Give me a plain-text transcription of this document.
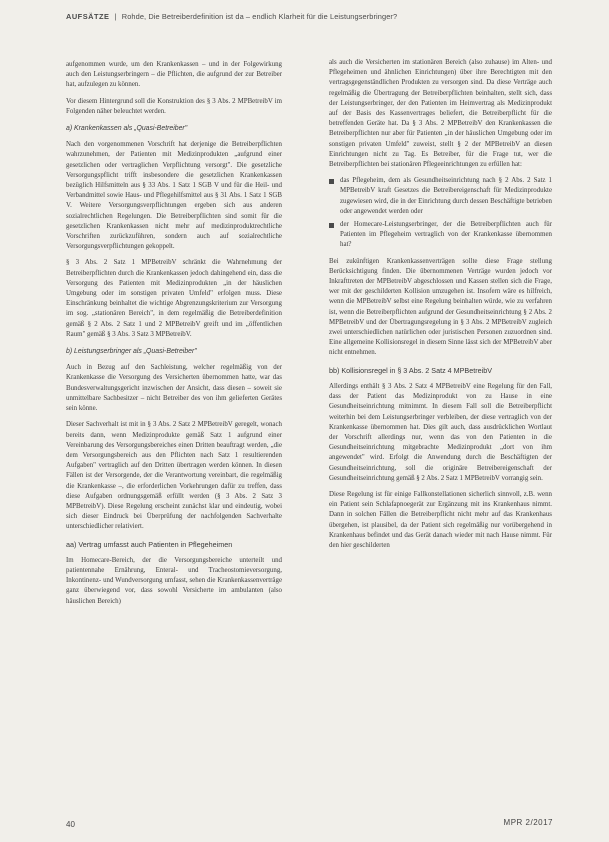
AUFSÄTZE | Rohde, Die Betreiberdefinition ist da – endlich Klarheit für die Leistungserbringer?

aufgenommen wurde, um den Krankenkassen – und in der Folgewirkung auch den Leistungserbringern – die Pflichten, die aufgrund der zur Betreiber hat, aufzulegen zu können.

Vor diesem Hintergrund soll die Konstruktion des § 3 Abs. 2 MPBetreibV im Folgenden näher beleuchtet werden.

a) Krankenkassen als „Quasi-Betreiber"

Nach den vorgenommenen Vorschrift hat derjenige die Betreiberpflichten wahrzunehmen, der Patienten mit Medizinprodukten „aufgrund einer gesetzlichen oder vertraglichen Verpflichtung versorgt". Die gesetzliche Versorgungspflicht trifft insbesondere die gesetzlichen Krankenkassen bezüglich Hilfsmitteln aus § 33 Abs. 1 Satz 1 SGB V und für die Heil- und Verbandmittel sowie Haus- und Pflegehilfsmittel aus § 31 Abs. 1 Satz 1 SGB V. Weitere Versorgungsverpflichtungen ergeben sich aus anderen sozialrechtlichen Regelungen. Die Betreiberpflichten sind somit für die gesetzlichen Krankenkassen nicht mehr auf medizinproduktrechtliche Vorschriften zurückzuführen, sondern auch auf sozialrechtliche Versorgungsverpflichtungen gekoppelt.

§ 3 Abs. 2 Satz 1 MPBetreibV schränkt die Wahrnehmung der Betreiberpflichten durch die Krankenkassen jedoch dahingehend ein, dass die Versorgung des Patienten mit Medizinprodukten „in der häuslichen Umgebung oder im sonstigen privaten Umfeld" erfolgen muss. Diese Einschränkung beinhaltet die wichtige Abgrenzungskriterium zur Versorgung im sog. „stationären Bereich", in dem regelmäßig die Betreiberdefinition gemäß § 2 Abs. 2 Satz 1 und 2 MPBetreibV greift und im „öffentlichen Raum" gemäß § 3 Abs. 3 Satz 3 MPBetreibV.

b) Leistungserbringer als „Quasi-Betreiber"

Auch in Bezug auf den Sachleistung, welcher regelmäßig von der Krankenkasse die Versorgung des Versicherten übernommen hatte, war das Bundesverwaltungsgericht inzwischen der Ansicht, dass diesen – soweit sie unmittelbare Sachbesitzer – nicht Betreiber des von ihm gelieferten Gerätes sein könne.

Dieser Sachverhalt ist mit in § 3 Abs. 2 Satz 2 MPBetreibV geregelt, wonach bereits dann, wenn Medizinprodukte gemäß Satz 1 aufgrund einer Vereinbarung des Versorgungsbereiches einen Dritten beauftragt werden, „die dem Versorgungsbereich aus den Pflichten nach Satz 1 resultierenden Aufgaben" vertraglich auf den Dritten übertragen werden können. In diesen Fällen ist der Versorgende, der die Verantwortung vereinbart, die regelmäßig die Krankenkasse –, die erforderlichen Vorkehrungen dafür zu treffen, dass diese Aufgaben ordnungsgemäß erfüllt werden (§ 3 Abs. 2 Satz 3 MPBetreibV). Diese Regelung erscheint zunächst klar und eindeutig, wobei sich dieser Eindruck bei Überprüfung der nachfolgenden Sachverhalte unterschiedlicher relativiert.

aa) Vertrag umfasst auch Patienten in Pflegeheimen

Im Homecare-Bereich, der die Versorgungsbereiche unterteilt und patientennahe Ernährung, Enteral- und Tracheostomieversorgung, Inkontinenz- und Wundversorgung umfasst, sehen die Krankenkassenverträge ganz überwiegend vor, dass sowohl Versicherte im ambulanten (also häuslichen Bereich)

als auch die Versicherten im stationären Bereich (also zuhause) im Alten- und Pflegeheimen und ähnlichen Einrichtungen) über ihre Berechtigten mit den vertragsgegenständlichen Produkten zu versorgen sind. Da diese Verträge auch regelmäßig die Übertragung der Betreiberpflichten beinhalten, stellt sich, dass der Leistungserbringer, der den Patienten im Heimvertrag als Medizinprodukt auf der Basis des Kassenvertrages beliefert, die Betreiberpflicht für die betreffenden Geräte hat. Da § 3 Abs. 2 MPBetreibV den Krankenkassen die Betreiberpflichten nur aber für Patienten „in der häuslichen Umgebung oder im sonstigen privaten Umfeld" zuweist, stellt § 2 der MPBetreibV an diesen Einrichtungen nicht zu Tag. Es Betreiber, für die Frage tut, wer die Betreiberpflichten bei stationären Pflegeeinrichtungen zu erfüllen hat:

das Pflegeheim, dem als Gesundheitseinrichtung nach § 2 Abs. 2 Satz 1 MPBetreibV kraft Gesetzes die Betreibereigenschaft für Medizinprodukte zugewiesen wird, die in der Einrichtung durch dessen Beschäftigte betrieben oder angewendet werden oder
der Homecare-Leistungserbringer, der die Betreiberpflichten auch für Patienten im Pflegeheim vertraglich von der Krankenkasse übernommen hat?

Bei zukünftigen Krankenkassenverträgen sollte diese Frage stellung Berücksichtigung finden. Die übernommenen Verträge wurden jedoch vor Inkrafttreten der MPBetreibV abgeschlossen und Kassen stellen sich die Frage, wer mit der geschilderten Kollision umzugehen ist. Insofern wäre es hilfreich, wenn die MPBetreibV selbst eine Regelung beinhalten würde, wie zu verfahren ist, wenn die Betreiberpflichten aufgrund der Gesundheitseinrichtung § 2 Abs. 2 MPBetreibV und der Übertragungsregelung in § 3 Abs. 2 MPBetreibV zugleich zwei unterschiedlichen natürlichen oder juristischen Personen zuzuordnen sind. Eine allgemeine Kollisionsregel in diesem Sinne lässt sich der MPBetreibV aber nicht entnehmen.

bb) Kollisionsregel in § 3 Abs. 2 Satz 4 MPBetreibV

Allerdings enthält § 3 Abs. 2 Satz 4 MPBetreibV eine Regelung für den Fall, dass der Patient das Medizinprodukt von zu Hause in eine Gesundheitseinrichtung mitnimmt. In diesem Fall soll die Betreiberpflicht weiterhin bei dem Leistungserbringer verbleiben, der diese vertraglich von der Krankenkasse übernommen hat. Dies gilt auch, dass ausdrücklichen Wortlaut der Vorschrift allerdings nur, wenn das von den Patienten in die Gesundheitseinrichtung mitgebrachte Medizinprodukt „dort von ihm angewendet" wird. Erfolgt die Anwendung durch die Beschäftigten der Gesundheitseinrichtung, soll die originäre Betreibereigenschaft der Gesundheitseinrichtung gemäß § 2 Abs. 2 Satz 1 MPBetreibV vorrangig sein.

Diese Regelung ist für einige Fallkonstellationen sicherlich sinnvoll, z.B. wenn ein Patient sein Schlafapnoegerät zur Ergänzung mit ins Krankenhaus nimmt. Dann in solchen Fällen die Betreiberpflicht nicht mehr auf das Krankenhaus übergehen, ist plausibel, da der Patient sich regelmäßig nur vorübergehend in Krankenhaus befindet und das Gerät danach wieder mit nach Hause nimmt. Für den hier geschilderten

40	MPR 2/2017
